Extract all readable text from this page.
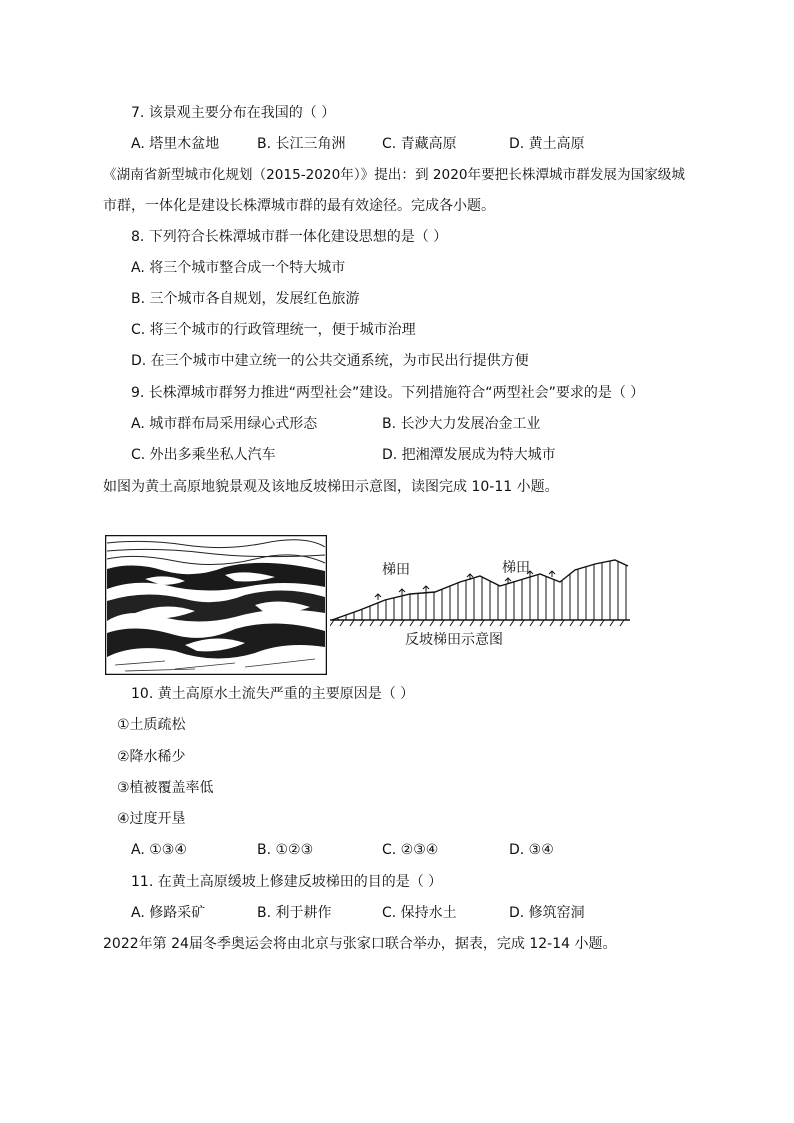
7. 该景观主要分布在我国的（ ）
A. 塔里木盆地	B. 长江三角洲	C. 青藏高原	D. 黄土高原
《湖南省新型城市化规划（2015-2020年）》提出：到 2020年要把长株潭城市群发展为国家级城
市群，一体化是建设长株潭城市群的最有效途径。完成各小题。
8. 下列符合长株潭城市群一体化建设思想的是（ ）
A. 将三个城市整合成一个特大城市
B. 三个城市各自规划，发展红色旅游
C. 将三个城市的行政管理统一，便于城市治理
D. 在三个城市中建立统一的公共交通系统，为市民出行提供方便
9. 长株潭城市群努力推进“两型社会”建设。下列措施符合“两型社会”要求的是（ ）
A. 城市群布局采用绿心式形态	B. 长沙大力发展冶金工业
C. 外出多乘坐私人汽车	D. 把湘潭发展成为特大城市
如图为黄土高原地貌景观及该地反坡梯田示意图，读图完成 10-11 小题。
梯田	梯田
反坡梯田示意图
10. 黄土高原水土流失严重的主要原因是（ ）
①土质疏松
②降水稀少
③植被覆盖率低
④过度开垦
A. ①③④	B. ①②③	C. ②③④	D. ③④
11. 在黄土高原缓坡上修建反坡梯田的目的是（ ）
A. 修路采矿	B. 利于耕作	C. 保持水土	D. 修筑窑洞
2022年第 24届冬季奥运会将由北京与张家口联合举办，据表，完成 12-14 小题。
